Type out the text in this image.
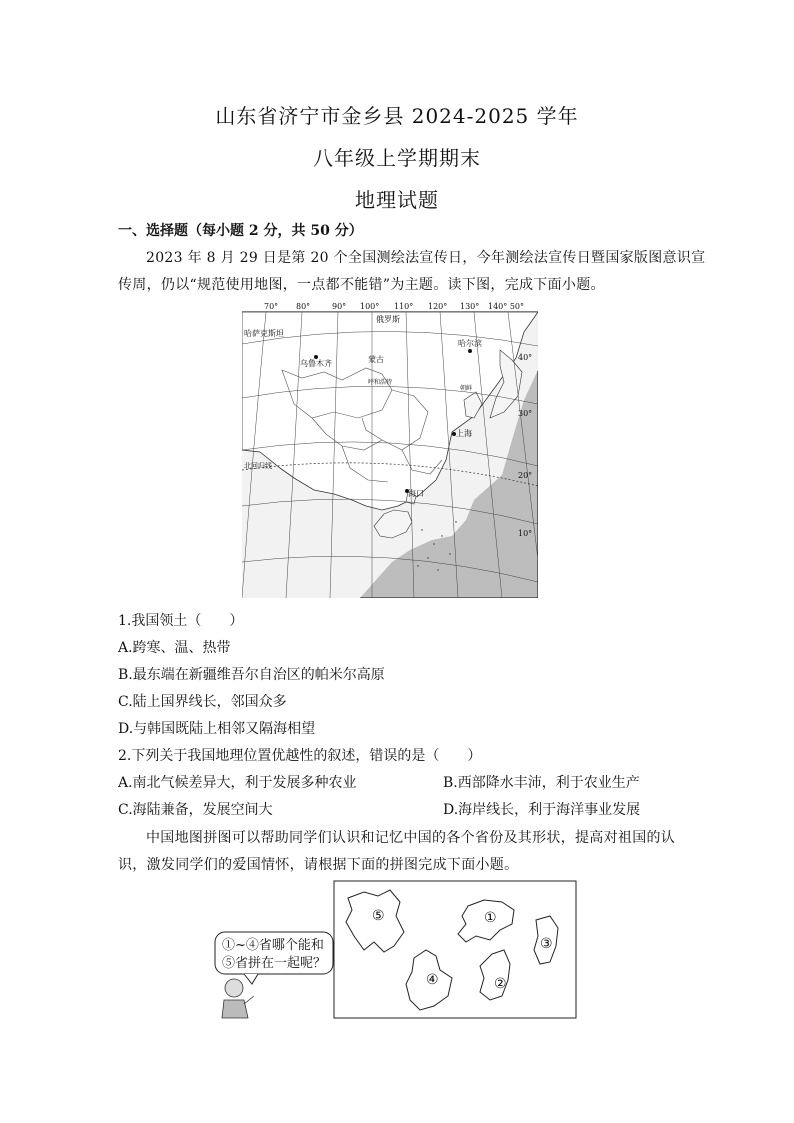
山东省济宁市金乡县 2024-2025 学年
八年级上学期期末
地理试题
一、选择题（每小题 2 分，共 50 分）
2023 年 8 月 29 日是第 20 个全国测绘法宣传日，今年测绘法宣传日暨国家版图意识宣
传周，仍以“规范使用地图，一点都不能错”为主题。读下图，完成下面小题。
70° 80°	90° 100° 110° 120° 130° 140° 50°
40°
30°
20°
10°
哈萨克斯坦
俄罗斯
哈尔滨
乌鲁木齐	蒙古
呼和浩特
朝鲜
上海
北回归线
海口
1.我国领土（　　）
A.跨寒、温、热带
B.最东端在新疆维吾尔自治区的帕米尔高原
C.陆上国界线长，邻国众多
D.与韩国既陆上相邻又隔海相望
2.下列关于我国地理位置优越性的叙述，错误的是（　　）
A.南北气候差异大，利于发展多种农业	B.西部降水丰沛，利于农业生产
C.海陆兼备，发展空间大	D.海岸线长，利于海洋事业发展
中国地图拼图可以帮助同学们认识和记忆中国的各个省份及其形状，提高对祖国的认
识，激发同学们的爱国情怀，请根据下面的拼图完成下面小题。
①
②
③
④
⑤
①~④省哪个能和
⑤省拼在一起呢？
